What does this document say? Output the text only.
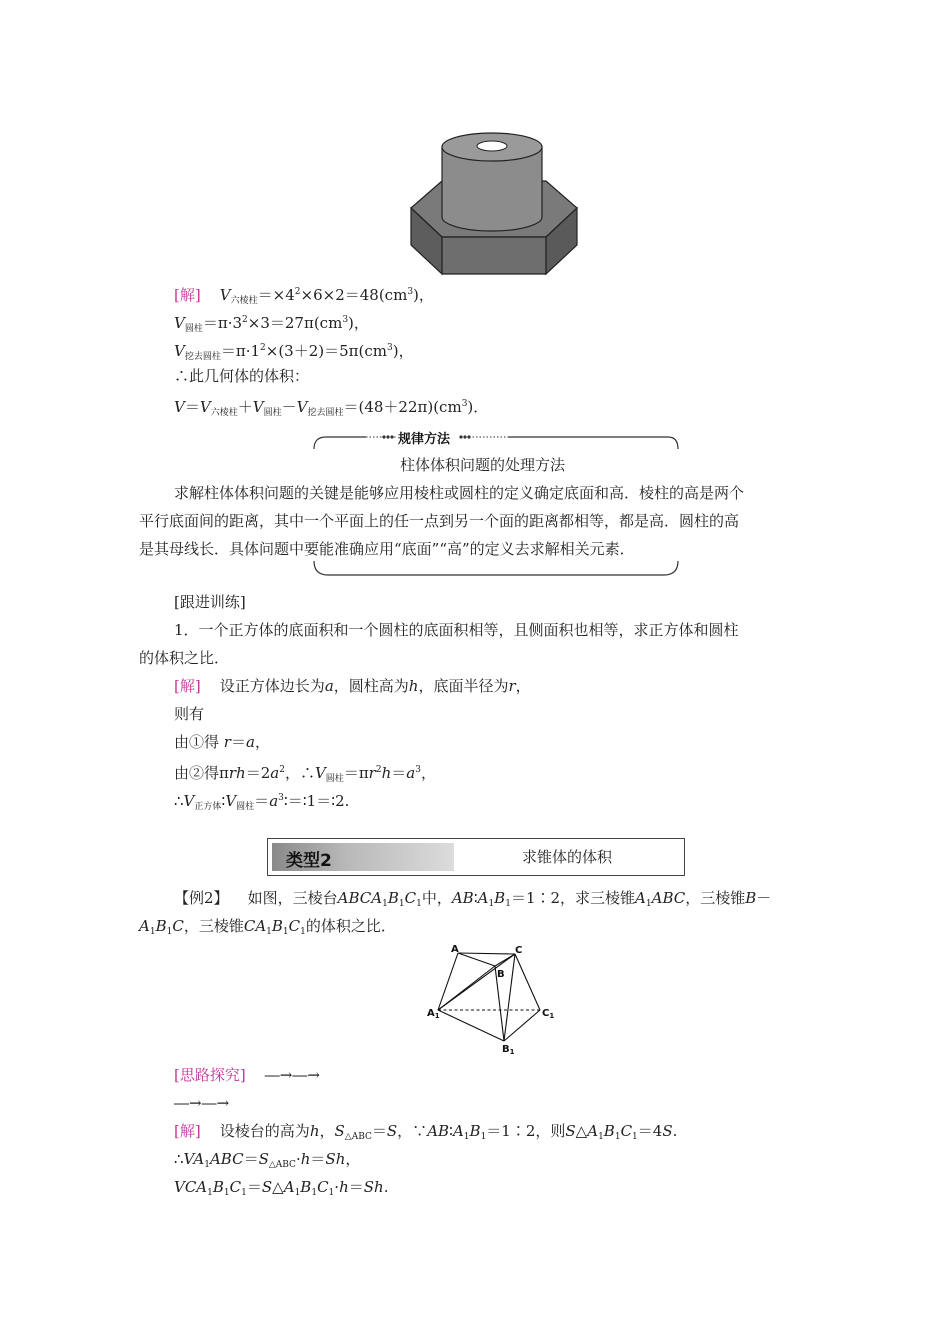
[解] $V_{六棱柱}=\times 4^2\times 6\times 2=48(cm^3)$，
$V_{圆柱}=\pi\cdot 3^2\times 3=27\pi(cm^3)$，
$V_{挖去圆柱}=\pi\cdot 1^2\times(3+2)=5\pi(cm^3)$，
∴此几何体的体积：
$V=V_{六棱柱}+V_{圆柱}-V_{挖去圆柱}=(48+22\pi)(cm^3)$．
规律方法
柱体体积问题的处理方法
求解柱体体积问题的关键是能够应用棱柱或圆柱的定义确定底面和高．棱柱的高是两个
平行底面间的距离，其中一个平面上的任一点到另一个面的距离都相等，都是高．圆柱的高
是其母线长．具体问题中要能准确应用“底面”“高”的定义去求解相关元素．
[跟进训练]
1．一个正方体的底面积和一个圆柱的底面积相等，且侧面积也相等，求正方体和圆柱
的体积之比．
[解] 设正方体边长为a，圆柱高为h，底面半径为r，
则有
由①得 r＝a，
由②得$\pi rh=2a^2$，$\therefore V_{圆柱}=\pi r^2h=a^3$，
$\therefore V_{正方体}∶V_{圆柱}=a^3∶=∶1=∶2$.
类型2	求锥体的体积
【例2】 如图，三棱台$ABCA_1B_1C_1$中，$AB∶A_1B_1=1∶2$，求三棱锥$A_1ABC$，三棱锥B－
$A_1B_1C$，三棱锥$CA_1B_1C_1$的体积之比．
A	C
B
$A_1$	$C_1$
$B_1$
[思路探究] ―→―→
―→―→
[解] 设棱台的高为h，$S_{\triangle ABC}=S$，$\because AB∶A_1B_1=1∶2$，则$S\triangle A_1B_1C_1=4S$.
$\therefore VA_1ABC=S_{\triangle ABC}\cdot h=Sh$，
$VCA_1B_1C_1=S\triangle A_1B_1C_1\cdot h=Sh$.
